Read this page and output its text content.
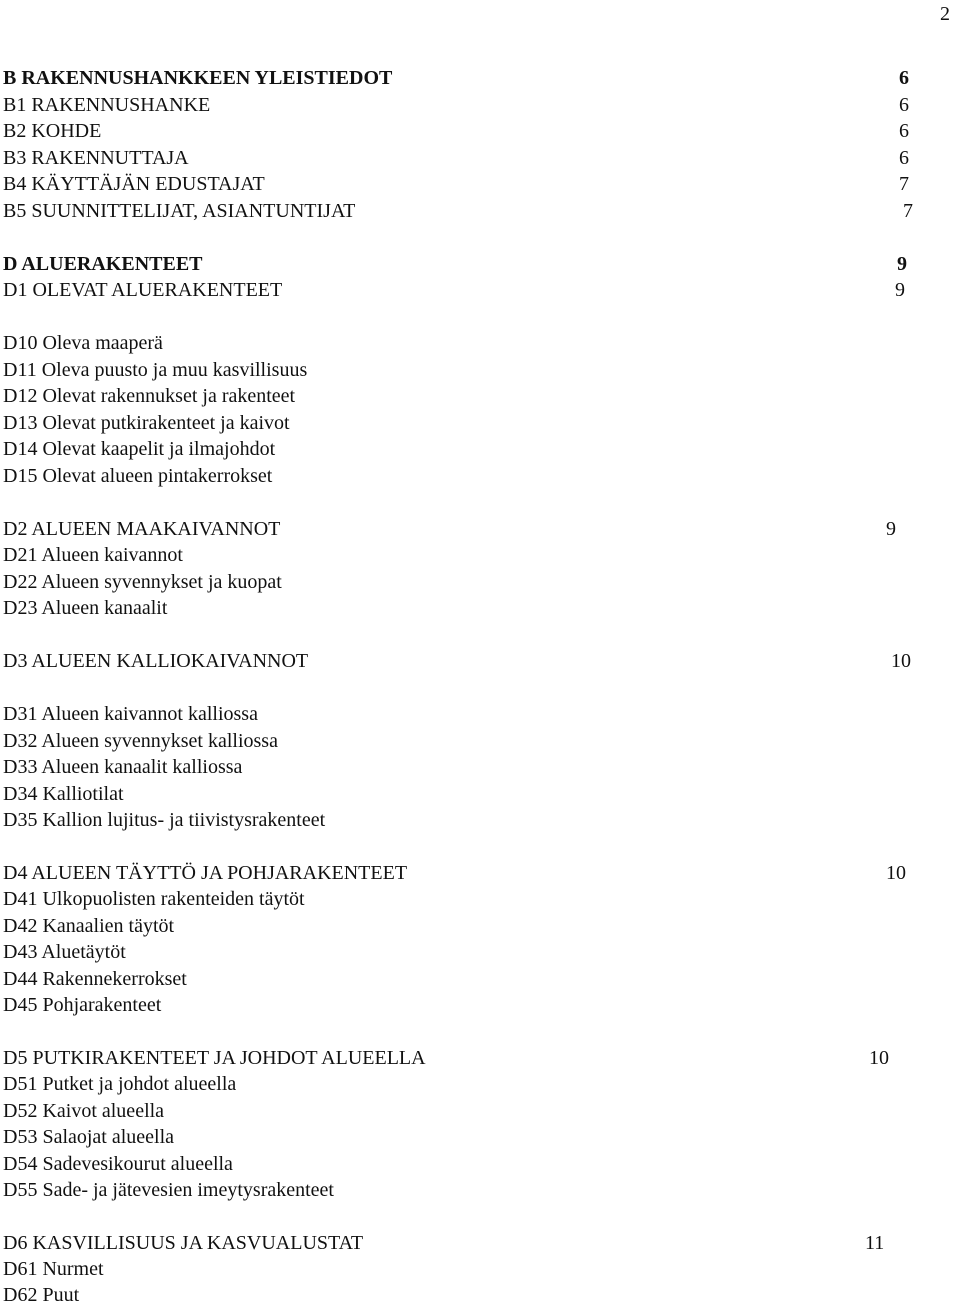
2
B RAKENNUSHANKKEEN YLEISTIEDOT	6
B1 RAKENNUSHANKE	6
B2 KOHDE	6
B3 RAKENNUTTAJA	6
B4 KÄYTTÄJÄN EDUSTAJAT	7
B5 SUUNNITTELIJAT, ASIANTUNTIJAT	7
D ALUERAKENTEET	9
D1 OLEVAT ALUERAKENTEET	9
D10 Oleva maaperä
D11 Oleva puusto ja muu kasvillisuus
D12 Olevat rakennukset ja rakenteet
D13 Olevat putkirakenteet ja kaivot
D14 Olevat kaapelit ja ilmajohdot
D15 Olevat alueen pintakerrokset
D2 ALUEEN MAAKAIVANNOT	9
D21 Alueen kaivannot
D22 Alueen syvennykset ja kuopat
D23 Alueen kanaalit
D3 ALUEEN KALLIOKAIVANNOT	10
D31 Alueen kaivannot kalliossa
D32 Alueen syvennykset kalliossa
D33 Alueen kanaalit kalliossa
D34 Kalliotilat
D35 Kallion lujitus- ja tiivistysrakenteet
D4 ALUEEN TÄYTTÖ JA POHJARAKENTEET	10
D41 Ulkopuolisten rakenteiden täytöt
D42 Kanaalien täytöt
D43 Aluetäytöt
D44 Rakennekerrokset
D45 Pohjarakenteet
D5 PUTKIRAKENTEET JA JOHDOT ALUEELLA	10
D51 Putket ja johdot alueella
D52 Kaivot alueella
D53 Salaojat alueella
D54 Sadevesikourut alueella
D55 Sade- ja jätevesien imeytysrakenteet
D6 KASVILLISUUS JA KASVUALUSTAT	11
D61 Nurmet
D62 Puut
